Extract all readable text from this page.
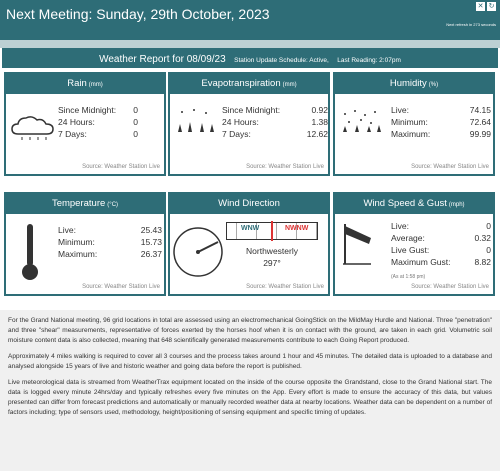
Next Meeting: Sunday, 29th October, 2023	✕ ↻
Next refresh in 273 seconds
Weather Report for 08/09/23 Station Update Schedule: Active, Last Reading: 2:07pm
Rain (mm)
Since Midnight: 0
24 Hours:	0
7 Days:	0
Source: Weather Station Live
Evapotranspiration (mm)
Since Midnight:	0.92
24 Hours:	1.38
7 Days:	12.62
Source: Weather Station Live
Humidity (%)
Live:	74.15
Minimum:	72.64
Maximum:	99.99
Source: Weather Station Live
Temperature (°C)
Live:	25.43
Minimum:	15.73
Maximum:	26.37
Source: Weather Station Live
Wind Direction
WNW	NWNW
Northwesterly
297°
Source: Weather Station Live
Wind Speed & Gust (mph)
Live:	0
Average:	0.32
Live Gust:	0
Maximum Gust:	8.82
(As at 1:58 pm)
Source: Weather Station Live

For the Grand National meeting, 96 grid locations in total are assessed using an electromechanical GoingStick on the MildMay Hurdle and National. Three "penetration" and three "shear" measurements, representative of forces exerted by the horses hoof when it is on contact with the ground, are taken in each grid. Volumetric soil moisture content data is also collected, meaning that 648 scientifically generated measurements contribute to each Going Report produced.

Approximately 4 miles walking is required to cover all 3 courses and the process takes around 1 hour and 45 minutes. The detailed data is uploaded to a database and analysed alongside 15 years of live and historic weather and going data before the report is published.

Live meteorological data is streamed from WeatherTrax equipment located on the inside of the course opposite the Grandstand, close to the Grand National start. The data is logged every minute 24hrs/day and typically refreshes every five minutes on the App. Every effort is made to ensure the accuracy of this data, but values presented can differ from forecast predictions and automatically or manually recorded weather data at nearby locations. Weather data can be dependent on a number of factors including; type of sensors used, methodology, height/positioning of sensing equipment and specific timing of updates.
